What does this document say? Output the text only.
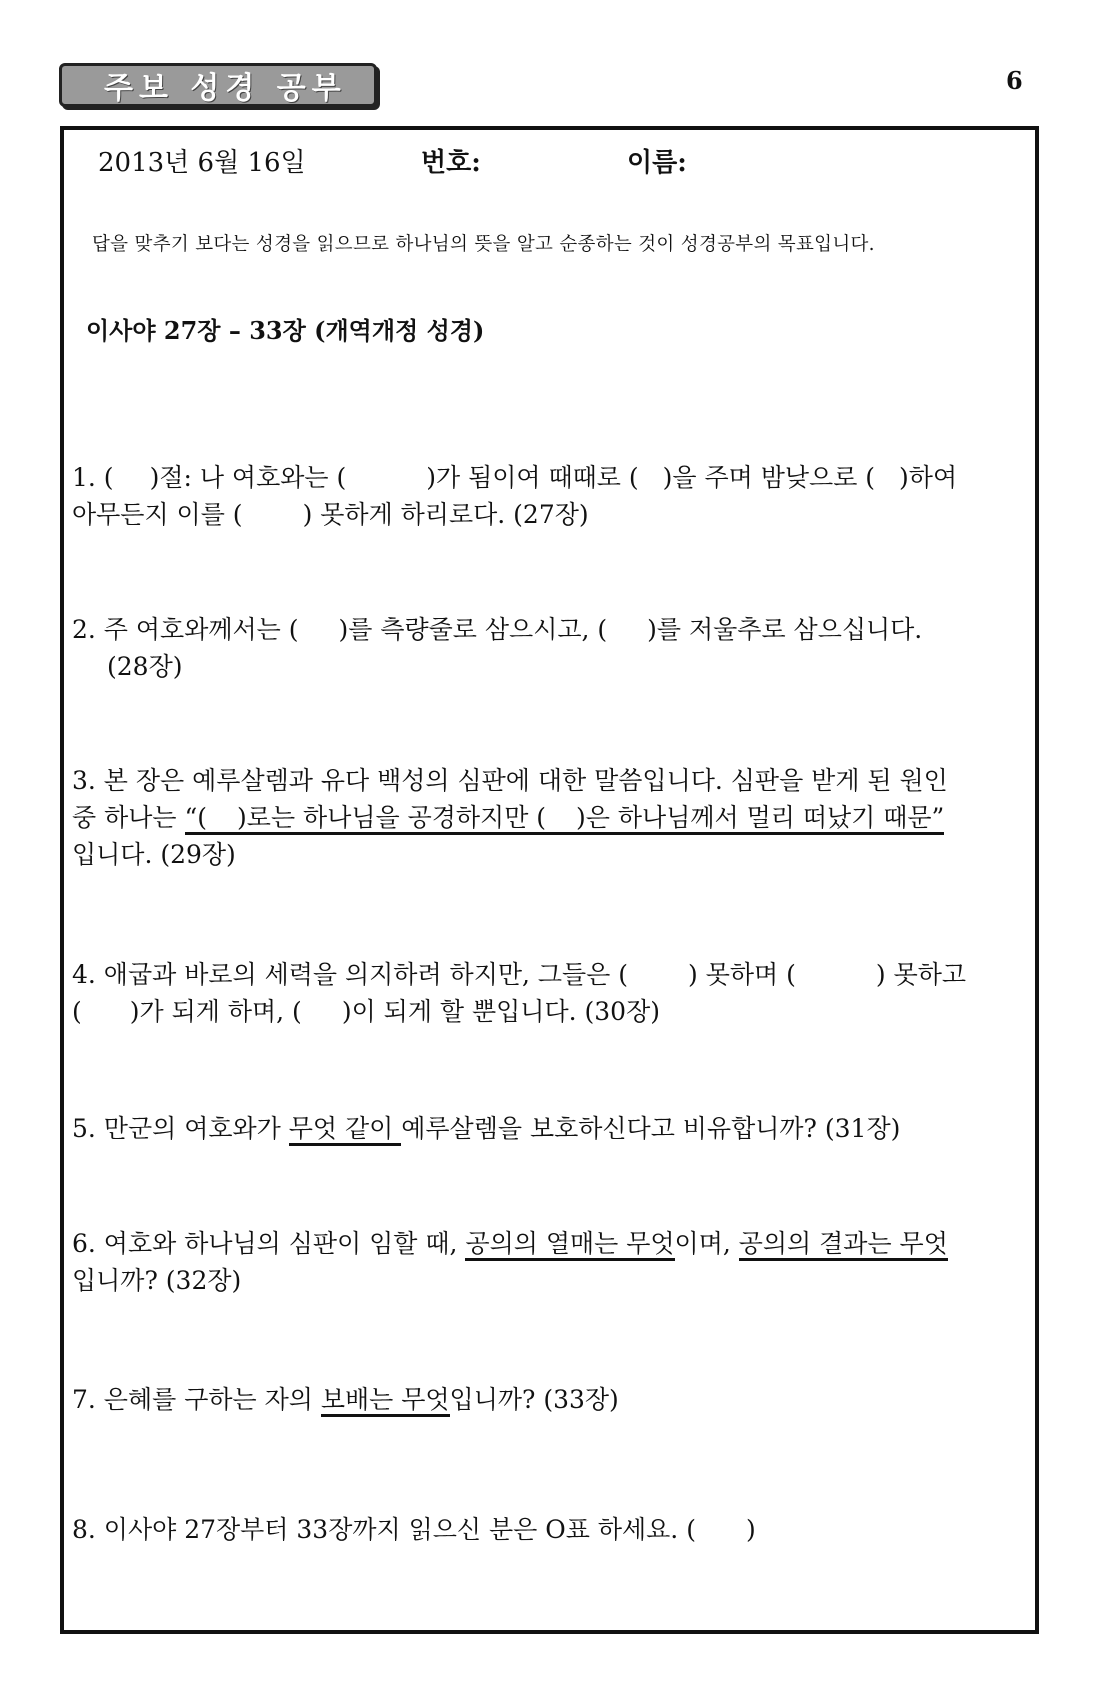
주보 성경 공부	6
2013년 6월 16일	번호:	이름:
답을 맞추기 보다는 성경을 읽으므로 하나님의 뜻을 알고 순종하는 것이 성경공부의 목표입니다.
이사야 27장 – 33장 (개역개정 성경)
1. ( )절: 나 여호와는 (	)가 됨이여 때때로 ( )을 주며 밤낮으로 ( )하여
아무든지 이를 ( ) 못하게 하리로다. (27장)
2. 주 여호와께서는 ( )를 측량줄로 삼으시고, ( )를 저울추로 삼으십니다.
(28장)
3. 본 장은 예루살렘과 유다 백성의 심판에 대한 말씀입니다. 심판을 받게 된 원인
중 하나는 “( )로는 하나님을 공경하지만 ( )은 하나님께서 멀리 떠났기 때문”
입니다. (29장)
4. 애굽과 바로의 세력을 의지하려 하지만, 그들은 ( ) 못하며 (	) 못하고
( )가 되게 하며, ( )이 되게 할 뿐입니다. (30장)
5. 만군의 여호와가 무엇 같이 예루살렘을 보호하신다고 비유합니까? (31장)
6. 여호와 하나님의 심판이 임할 때, 공의의 열매는 무엇이며, 공의의 결과는 무엇
입니까? (32장)
7. 은혜를 구하는 자의 보배는 무엇입니까? (33장)
8. 이사야 27장부터 33장까지 읽으신 분은 O표 하세요. ( )
